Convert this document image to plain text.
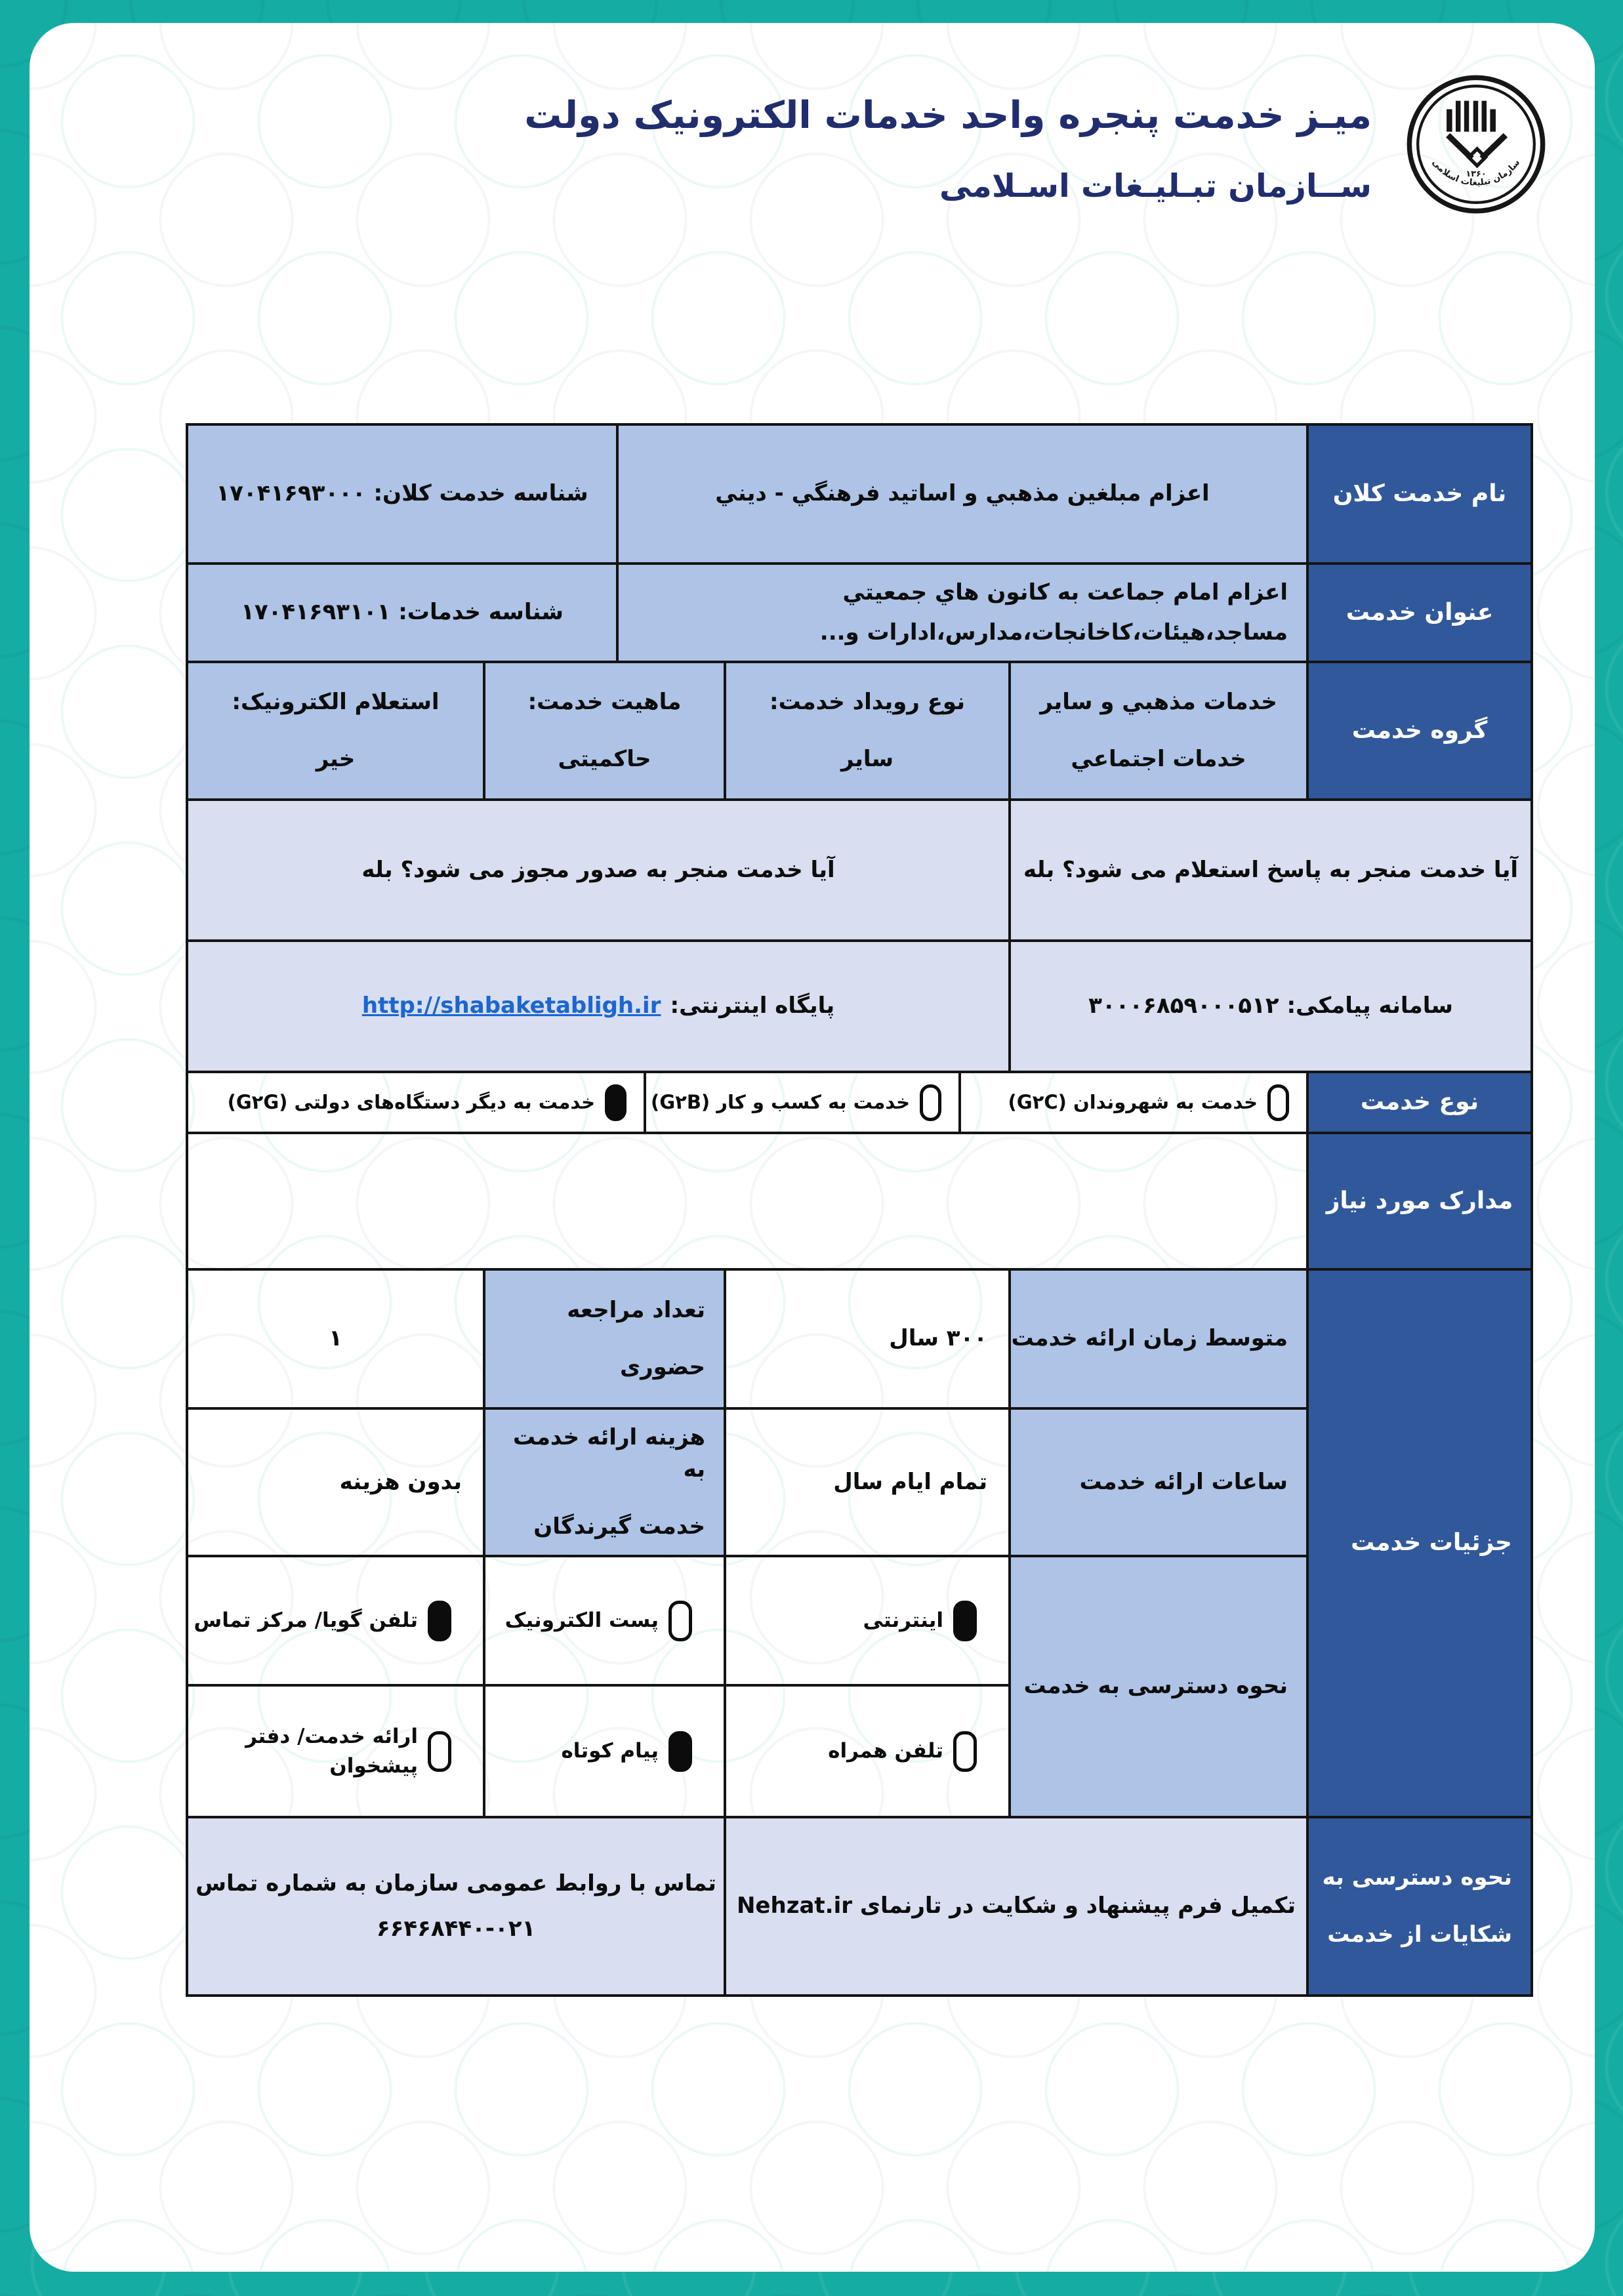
۱۳۶۰
سازمان تبلیغات اسلامی
میـز خدمت پنجره واحد خدمات الکترونیک دولت
ســازمان تبـلیـغات اسـلامی
نام خدمت کلان
اعزام مبلغين مذهبي و اساتيد فرهنگي - ديني
شناسه خدمت کلان: ۱۷۰۴۱۶۹۳۰۰۰
عنوان خدمت
اعزام امام جماعت به کانون هاي جمعيتي
مساجد،هيئات،کاخانجات،مدارس،ادارات و...
شناسه خدمات: ۱۷۰۴۱۶۹۳۱۰۱
گروه خدمت
خدمات مذهبي و ساير
خدمات اجتماعي
نوع رويداد خدمت:
ساير
ماهیت خدمت:
حاکمیتی
استعلام الکترونیک:
خیر
آیا خدمت منجر به پاسخ استعلام می شود؟ بله
آیا خدمت منجر به صدور مجوز می شود؟ بله
سامانه پیامکی: ۳۰۰۰۶۸۵۹۰۰۰۵۱۲
پایگاه اینترنتی:
http://shabaketabligh.ir
نوع خدمت
خدمت به شهروندان (G۲C)
خدمت به کسب و کار (G۲B)
خدمت به دیگر دستگاه‌های دولتی (G۲G)
مدارک مورد نیاز
جزئیات خدمت
متوسط زمان ارائه خدمت
۳۰۰ سال
تعداد مراجعه
حضوری
۱
ساعات ارائه خدمت
تمام ایام سال
هزینه ارائه خدمت به
خدمت گیرندگان
بدون هزینه
نحوه دسترسی به خدمت
اینترنتی
پست الکترونیک
تلفن گویا/ مرکز تماس
تلفن همراه
پیام کوتاه
ارائه خدمت/ دفتر
پیشخوان
نحوه دسترسی به
شکایات از خدمت
تکمیل فرم پیشنهاد و شکایت در تارنمای Nehzat.ir
تماس با روابط عمومی سازمان به شماره تماس
۶۶۴۶۸۴۴۰-۰۲۱
